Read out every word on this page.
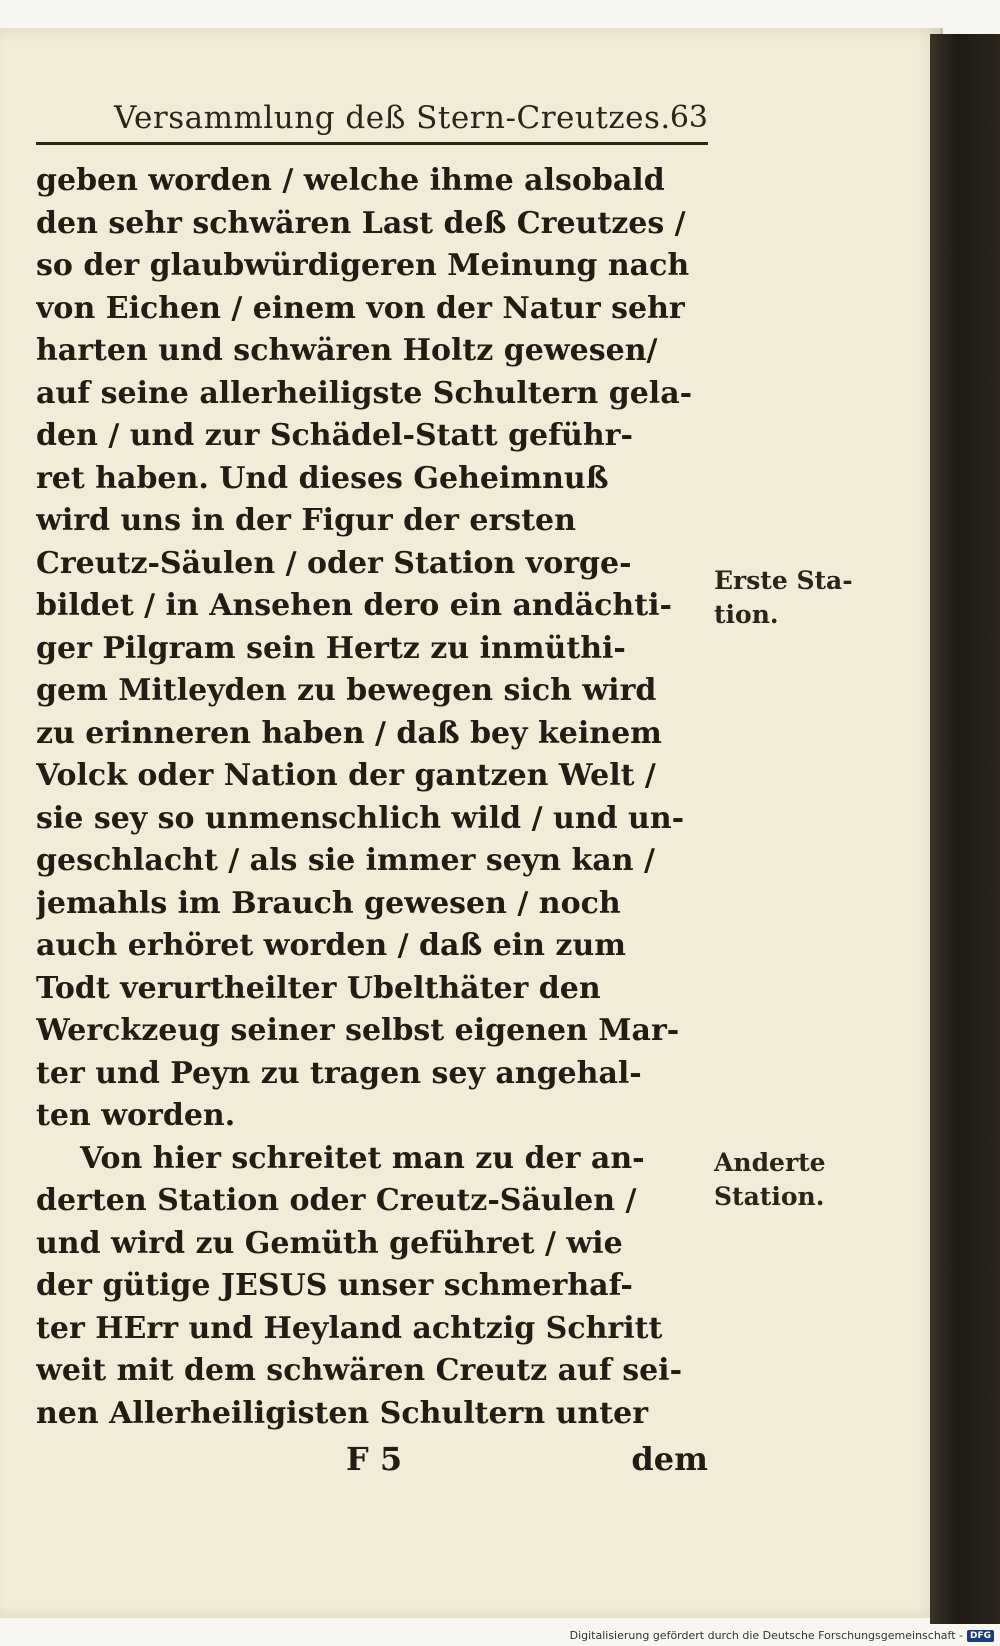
Versammlung deß Stern-Creutzes. 63
geben worden / welche ihme alsobald
den sehr schwären Last deß Creutzes /
so der glaubwürdigeren Meinung nach
von Eichen / einem von der Natur sehr
harten und schwären Holtz gewesen/
auf seine allerheiligste Schultern gela-
den / und zur Schädel-Statt geführ-
ret haben. Und dieses Geheimnuß
wird uns in der Figur der ersten
Creutz-Säulen / oder Station vorge-
bildet / in Ansehen dero ein andächti-
ger Pilgram sein Hertz zu inmüthi-
gem Mitleyden zu bewegen sich wird
zu erinneren haben / daß bey keinem
Volck oder Nation der gantzen Welt /
sie sey so unmenschlich wild / und un-
geschlacht / als sie immer seyn kan /
jemahls im Brauch gewesen / noch
auch erhöret worden / daß ein zum
Todt verurtheilter Ubelthäter den
Werckzeug seiner selbst eigenen Mar-
ter und Peyn zu tragen sey angehal-
ten worden.
Von hier schreitet man zu der an-
derten Station oder Creutz-Säulen /
und wird zu Gemüth geführet / wie
der gütige JESUS unser schmerhaf-
ter HErr und Heyland achtzig Schritt
weit mit dem schwären Creutz auf sei-
nen Allerheiligisten Schultern unter
Erste Sta-
tion.
Anderte
Station.
F 5	dem
Digitalisierung gefördert durch die Deutsche Forschungsgemeinschaft - DFG
